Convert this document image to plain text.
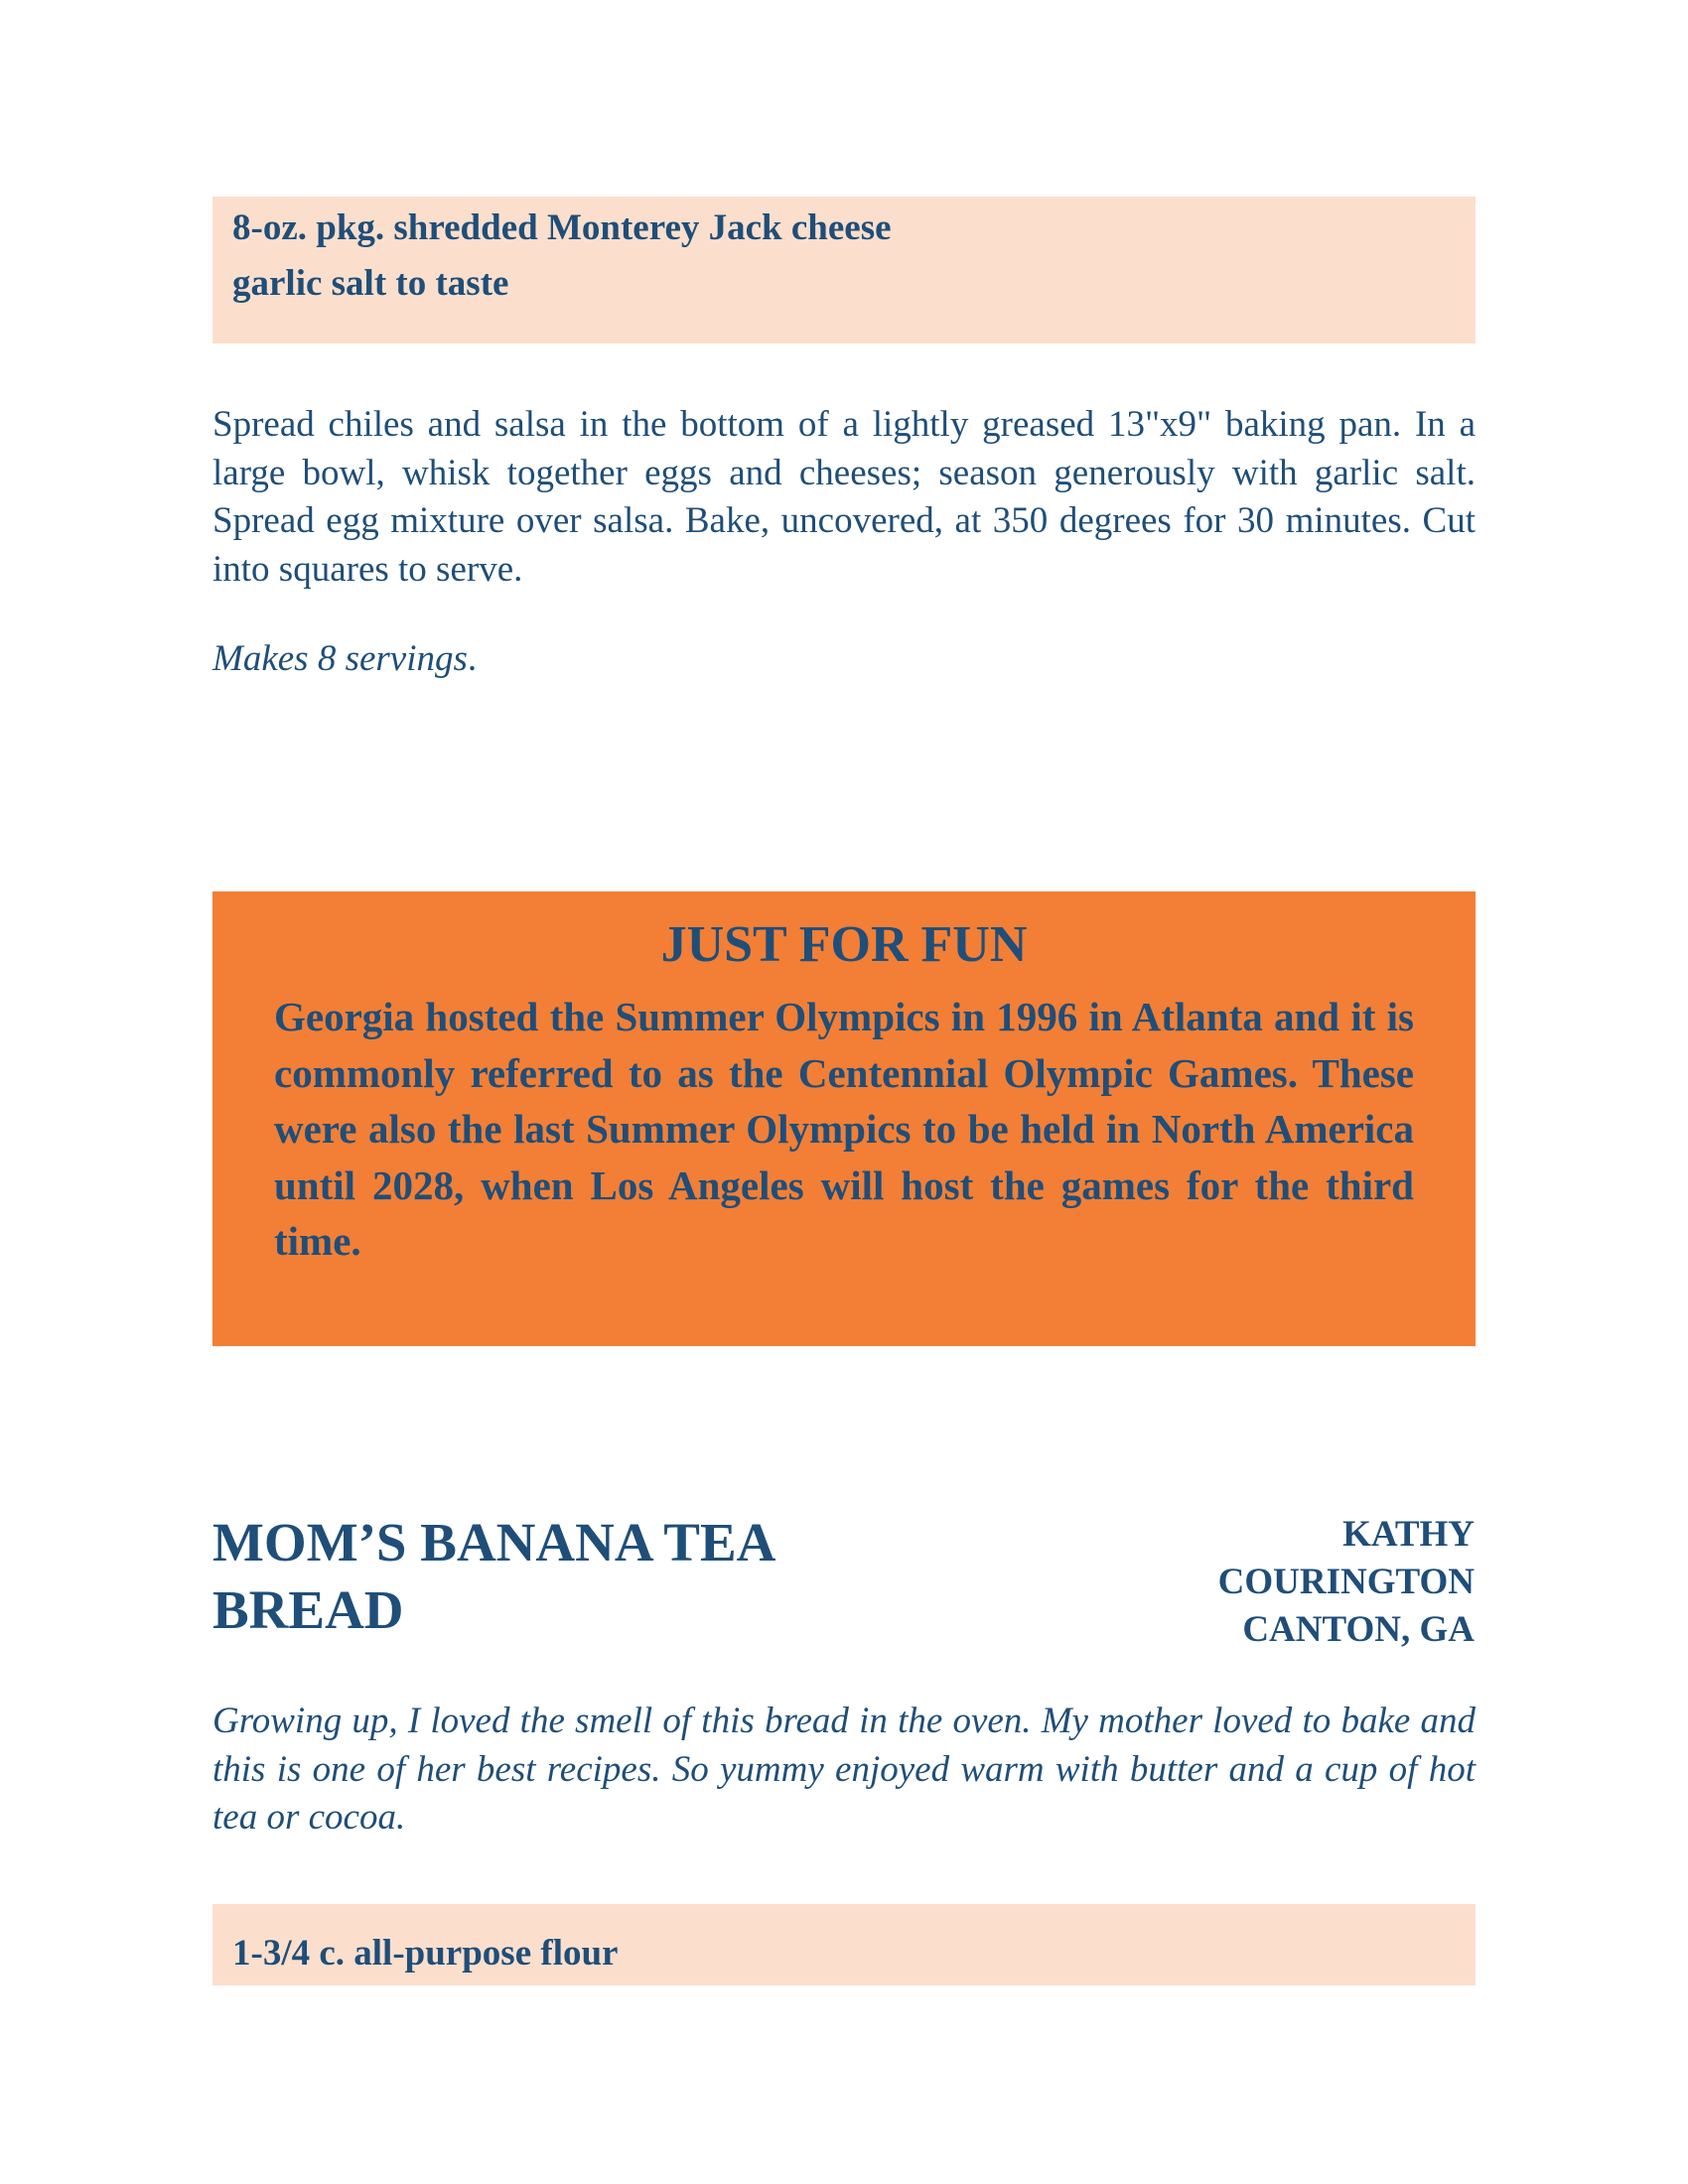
8-oz. pkg. shredded Monterey Jack cheese
garlic salt to taste

Spread chiles and salsa in the bottom of a lightly greased 13"x9" baking pan. In a large bowl, whisk together eggs and cheeses; season generously with garlic salt. Spread egg mixture over salsa. Bake, uncovered, at 350 degrees for 30 minutes. Cut into squares to serve.

Makes 8 servings.

JUST FOR FUN

Georgia hosted the Summer Olympics in 1996 in Atlanta and it is commonly referred to as the Centennial Olympic Games. These were also the last Summer Olympics to be held in North America until 2028, when Los Angeles will host the games for the third time.

MOM’S BANANA TEA BREAD
KATHY
COURINGTON
CANTON, GA

Growing up, I loved the smell of this bread in the oven. My mother loved to bake and this is one of her best recipes. So yummy enjoyed warm with butter and a cup of hot tea or cocoa.

1-3/4 c. all-purpose flour
